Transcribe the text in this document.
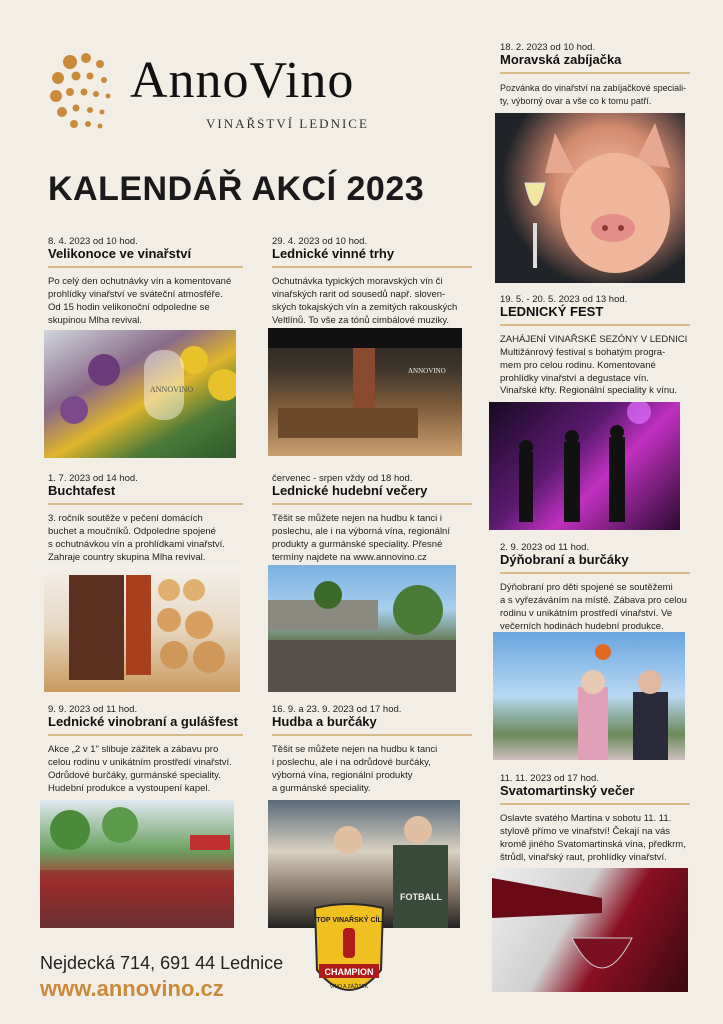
AnnoVino
VINAŘSTVÍ LEDNICE
KALENDÁŘ AKCÍ 2023
8. 4. 2023 od 10 hod.
Velikonoce ve vinařství
Po celý den ochutnávky vín a komentované
prohlídky vinařství ve sváteční atmosféře.
Od 15 hodin velikonoční odpoledne se
skupinou Mlha revival.
ANNOVINO
29. 4. 2023 od 10 hod.
Lednické vinné trhy
Ochutnávka typických moravských vín či
vinařských rarit od sousedů např. sloven-
ských tokajských vín a zemitých rakouských
Veltlínů. To vše za tónů cimbálové muziky.
ANNOVINO
18. 2. 2023 od 10 hod.
Moravská zabíjačka
Pozvánka do vinařství na zabíjačkové speciali-
ty, výborný ovar a vše co k tomu patří.
19. 5. - 20. 5. 2023 od 13 hod.
LEDNICKÝ FEST
ZAHÁJENÍ VINAŘSKÉ SEZÓNY V LEDNICI
Multižánrový festival s bohatým progra-
mem pro celou rodinu. Komentované
prohlídky vinařství a degustace vín.
Vinařské křty. Regionální speciality k vínu.
1. 7. 2023 od 14 hod.
Buchtafest
3. ročník soutěže v pečení domácích
buchet a moučníků. Odpoledne spojené
s ochutnávkou vín a prohlídkami vinařství.
Zahraje country skupina Mlha revival.
červenec - srpen vždy od 18 hod.
Lednické hudební večery
Těšit se můžete nejen na hudbu k tanci i
poslechu, ale i na výborná vína, regionální
produkty a gurmánské speciality. Přesné
termíny najdete na www.annovino.cz
2. 9. 2023 od 11 hod.
Dýňobraní a burčáky
Dýňobraní pro děti spojené se soutěžemi
a s vyřezáváním na místě. Zábava pro celou
rodinu v unikátním prostředí vinařství. Ve
večerních hodinách hudební produkce.
9. 9. 2023 od 11 hod.
Lednické vinobraní a gulášfest
Akce „2 v 1" slibuje zážitek a zábavu pro
celou rodinu v unikátním prostředí vinařství.
Odrůdové burčáky, gurmánské speciality.
Hudební produkce a vystoupení kapel.
16. 9. a 23. 9. 2023 od 17 hod.
Hudba a burčáky
Těšit se můžete nejen na hudbu k tanci
i poslechu, ale i na odrůdové burčáky,
výborná vína, regionální produkty
a gurmánské speciality.
FOTBALL
11. 11. 2023 od 17 hod.
Svatomartinský večer
Oslavte svatého Martina v sobotu 11. 11.
stylově přímo ve vinařství! Čekají na vás
kromě jiného Svatomartinská vína, předkrm,
štrůdl, vinařský raut, prohlídky vinařství.
Nejdecká 714, 691 44 Lednice
www.annovino.cz
TOP VINAŘSKÝ CÍL
CHAMPION
VÍNO A ZÁŽITEK
